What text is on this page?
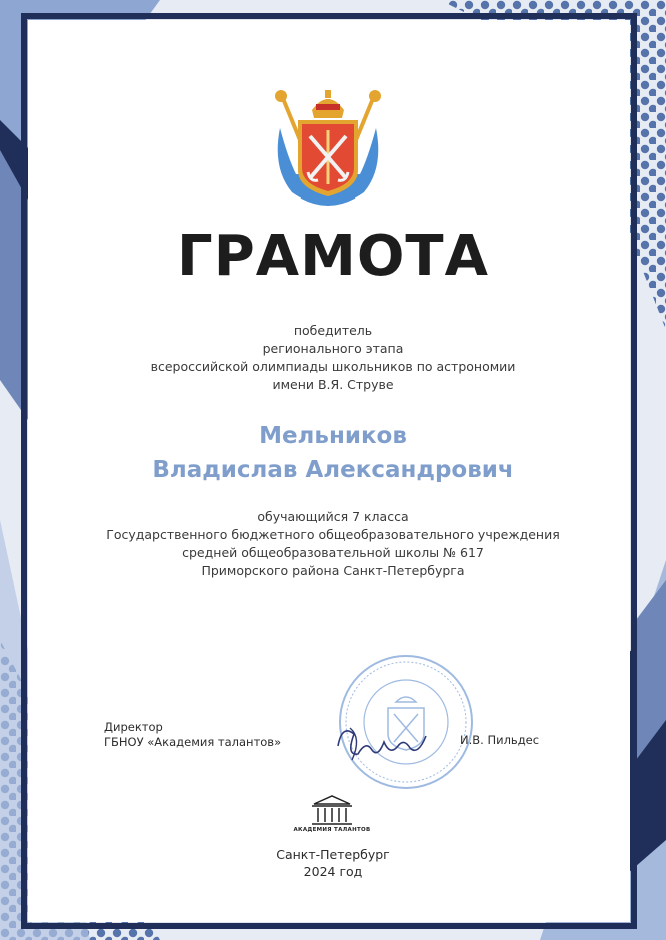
ГРАМОТА
победитель
регионального этапа
всероссийской олимпиады школьников по астрономии
имени В.Я. Струве
Мельников
Владислав Александрович
обучающийся 7 класса
Государственного бюджетного общеобразовательного учреждения
средней общеобразовательной школы № 617
Приморского района Санкт-Петербурга
Директор
ГБНОУ «Академия талантов»	И.В. Пильдес
АКАДЕМИЯ ТАЛАНТОВ
Санкт-Петербург
2024 год
